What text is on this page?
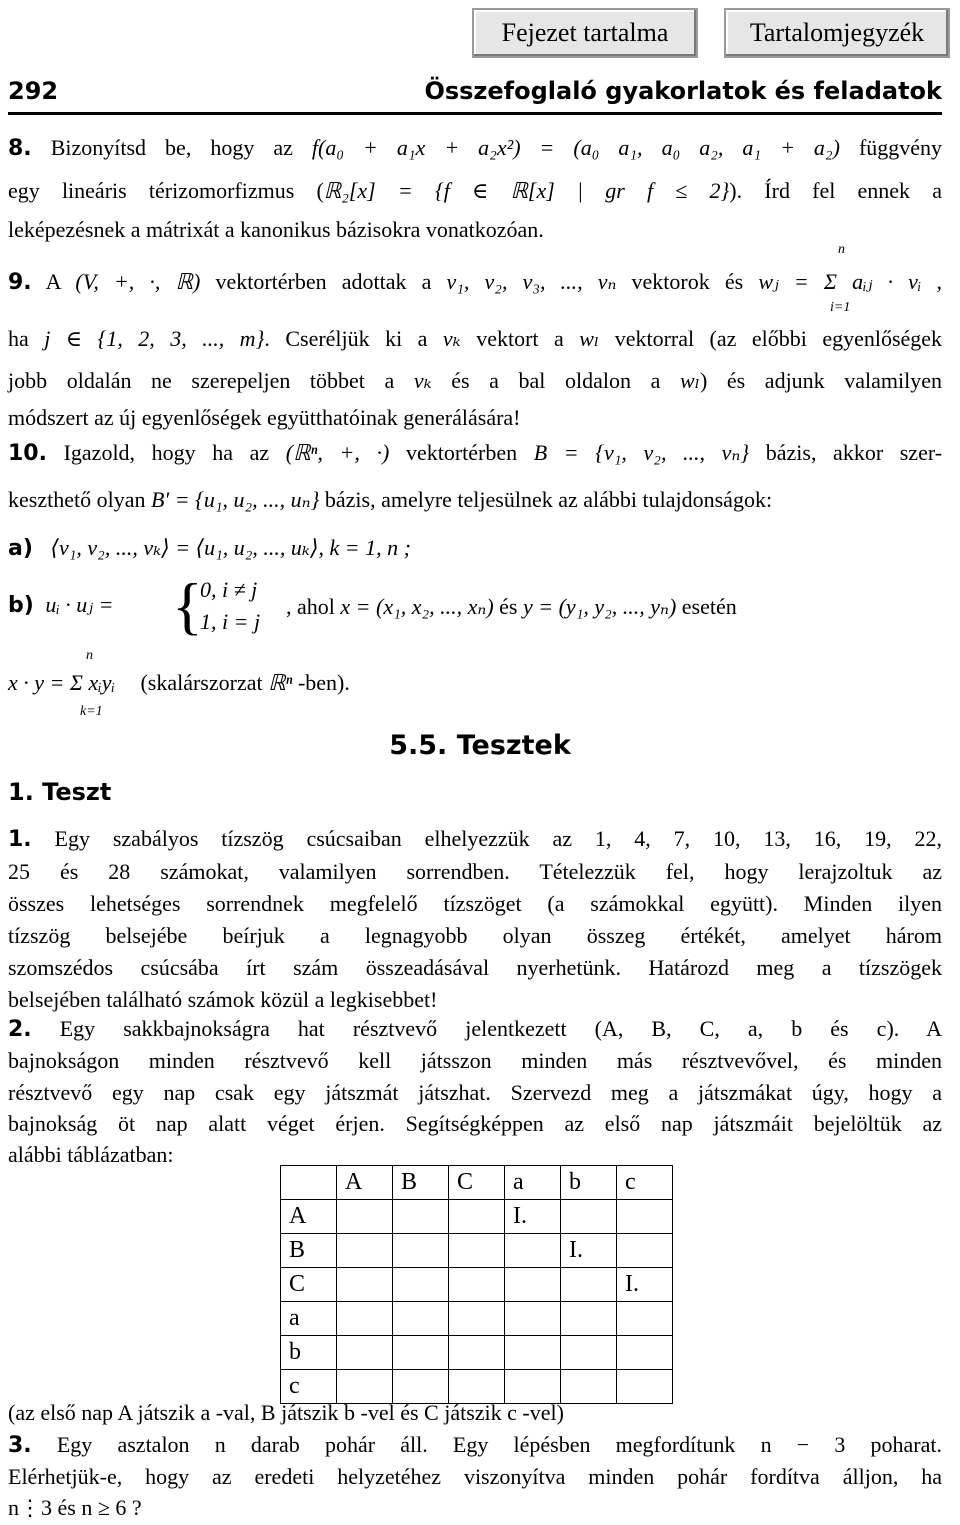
Fejezet tartalma	Tartalomjegyzék
292	Összefoglaló gyakorlatok és feladatok
8. Bizonyítsd be, hogy az f(a₀ + a₁x + a₂x²) = (a₀ a₁, a₀ a₂, a₁ + a₂) függvény
egy lineáris térizomorfizmus (ℝ₂[x] = {f ∈ ℝ[x] | gr f ≤ 2}). Írd fel ennek a
leképezésnek a mátrixát a kanonikus bázisokra vonatkozóan.
9. A (V, +, ·, ℝ) vektortérben adottak a v₁, v₂, v₃, ..., vₙ vektorok és wⱼ = Σ aᵢⱼ · vᵢ ,
n
i=1
ha j ∈ {1, 2, 3, ..., m}. Cseréljük ki a vₖ vektort a wₗ vektorral (az előbbi egyenlőségek
jobb oldalán ne szerepeljen többet a vₖ és a bal oldalon a wₗ) és adjunk valamilyen
módszert az új egyenlőségek együtthatóinak generálására!
10. Igazold, hogy ha az (ℝⁿ, +, ·) vektortérben B = {v₁, v₂, ..., vₙ} bázis, akkor szer-
keszthető olyan B′ = {u₁, u₂, ..., uₙ} bázis, amelyre teljesülnek az alábbi tulajdonságok:
a) ⟨v₁, v₂, ..., vₖ⟩ = ⟨u₁, u₂, ..., uₖ⟩, k = 1, n ;
b) uᵢ · uⱼ = {
0, i ≠ j
1, i = j
, ahol x = (x₁, x₂, ..., xₙ) és y = (y₁, y₂, ..., yₙ) esetén
n
k=1
x · y = Σ xᵢyᵢ (skalárszorzat ℝⁿ -ben).
5.5. Tesztek
1. Teszt
1. Egy szabályos tízszög csúcsaiban elhelyezzük az 1, 4, 7, 10, 13, 16, 19, 22,
25 és 28 számokat, valamilyen sorrendben. Tételezzük fel, hogy lerajzoltuk az
összes lehetséges sorrendnek megfelelő tízszöget (a számokkal együtt). Minden ilyen
tízszög belsejébe beírjuk a legnagyobb olyan összeg értékét, amelyet három
szomszédos csúcsába írt szám összeadásával nyerhetünk. Határozd meg a tízszögek
belsejében található számok közül a legkisebbet!
2. Egy sakkbajnokságra hat résztvevő jelentkezett (A, B, C, a, b és c). A
bajnokságon minden résztvevő kell játsszon minden más résztvevővel, és minden
résztvevő egy nap csak egy játszmát játszhat. Szervezd meg a játszmákat úgy, hogy a
bajnokság öt nap alatt véget érjen. Segítségképpen az első nap játszmáit bejelöltük az
alábbi táblázatban:
	A	B	C	a	b	c
A				I.		
B					I.	
C						I.
a						
b						
c						
(az első nap A játszik a -val, B játszik b -vel és C játszik c -vel)
3. Egy asztalon n darab pohár áll. Egy lépésben megfordítunk n − 3 poharat.
Elérhetjük-e, hogy az eredeti helyzetéhez viszonyítva minden pohár fordítva álljon, ha
n⋮3 és n ≥ 6 ?
